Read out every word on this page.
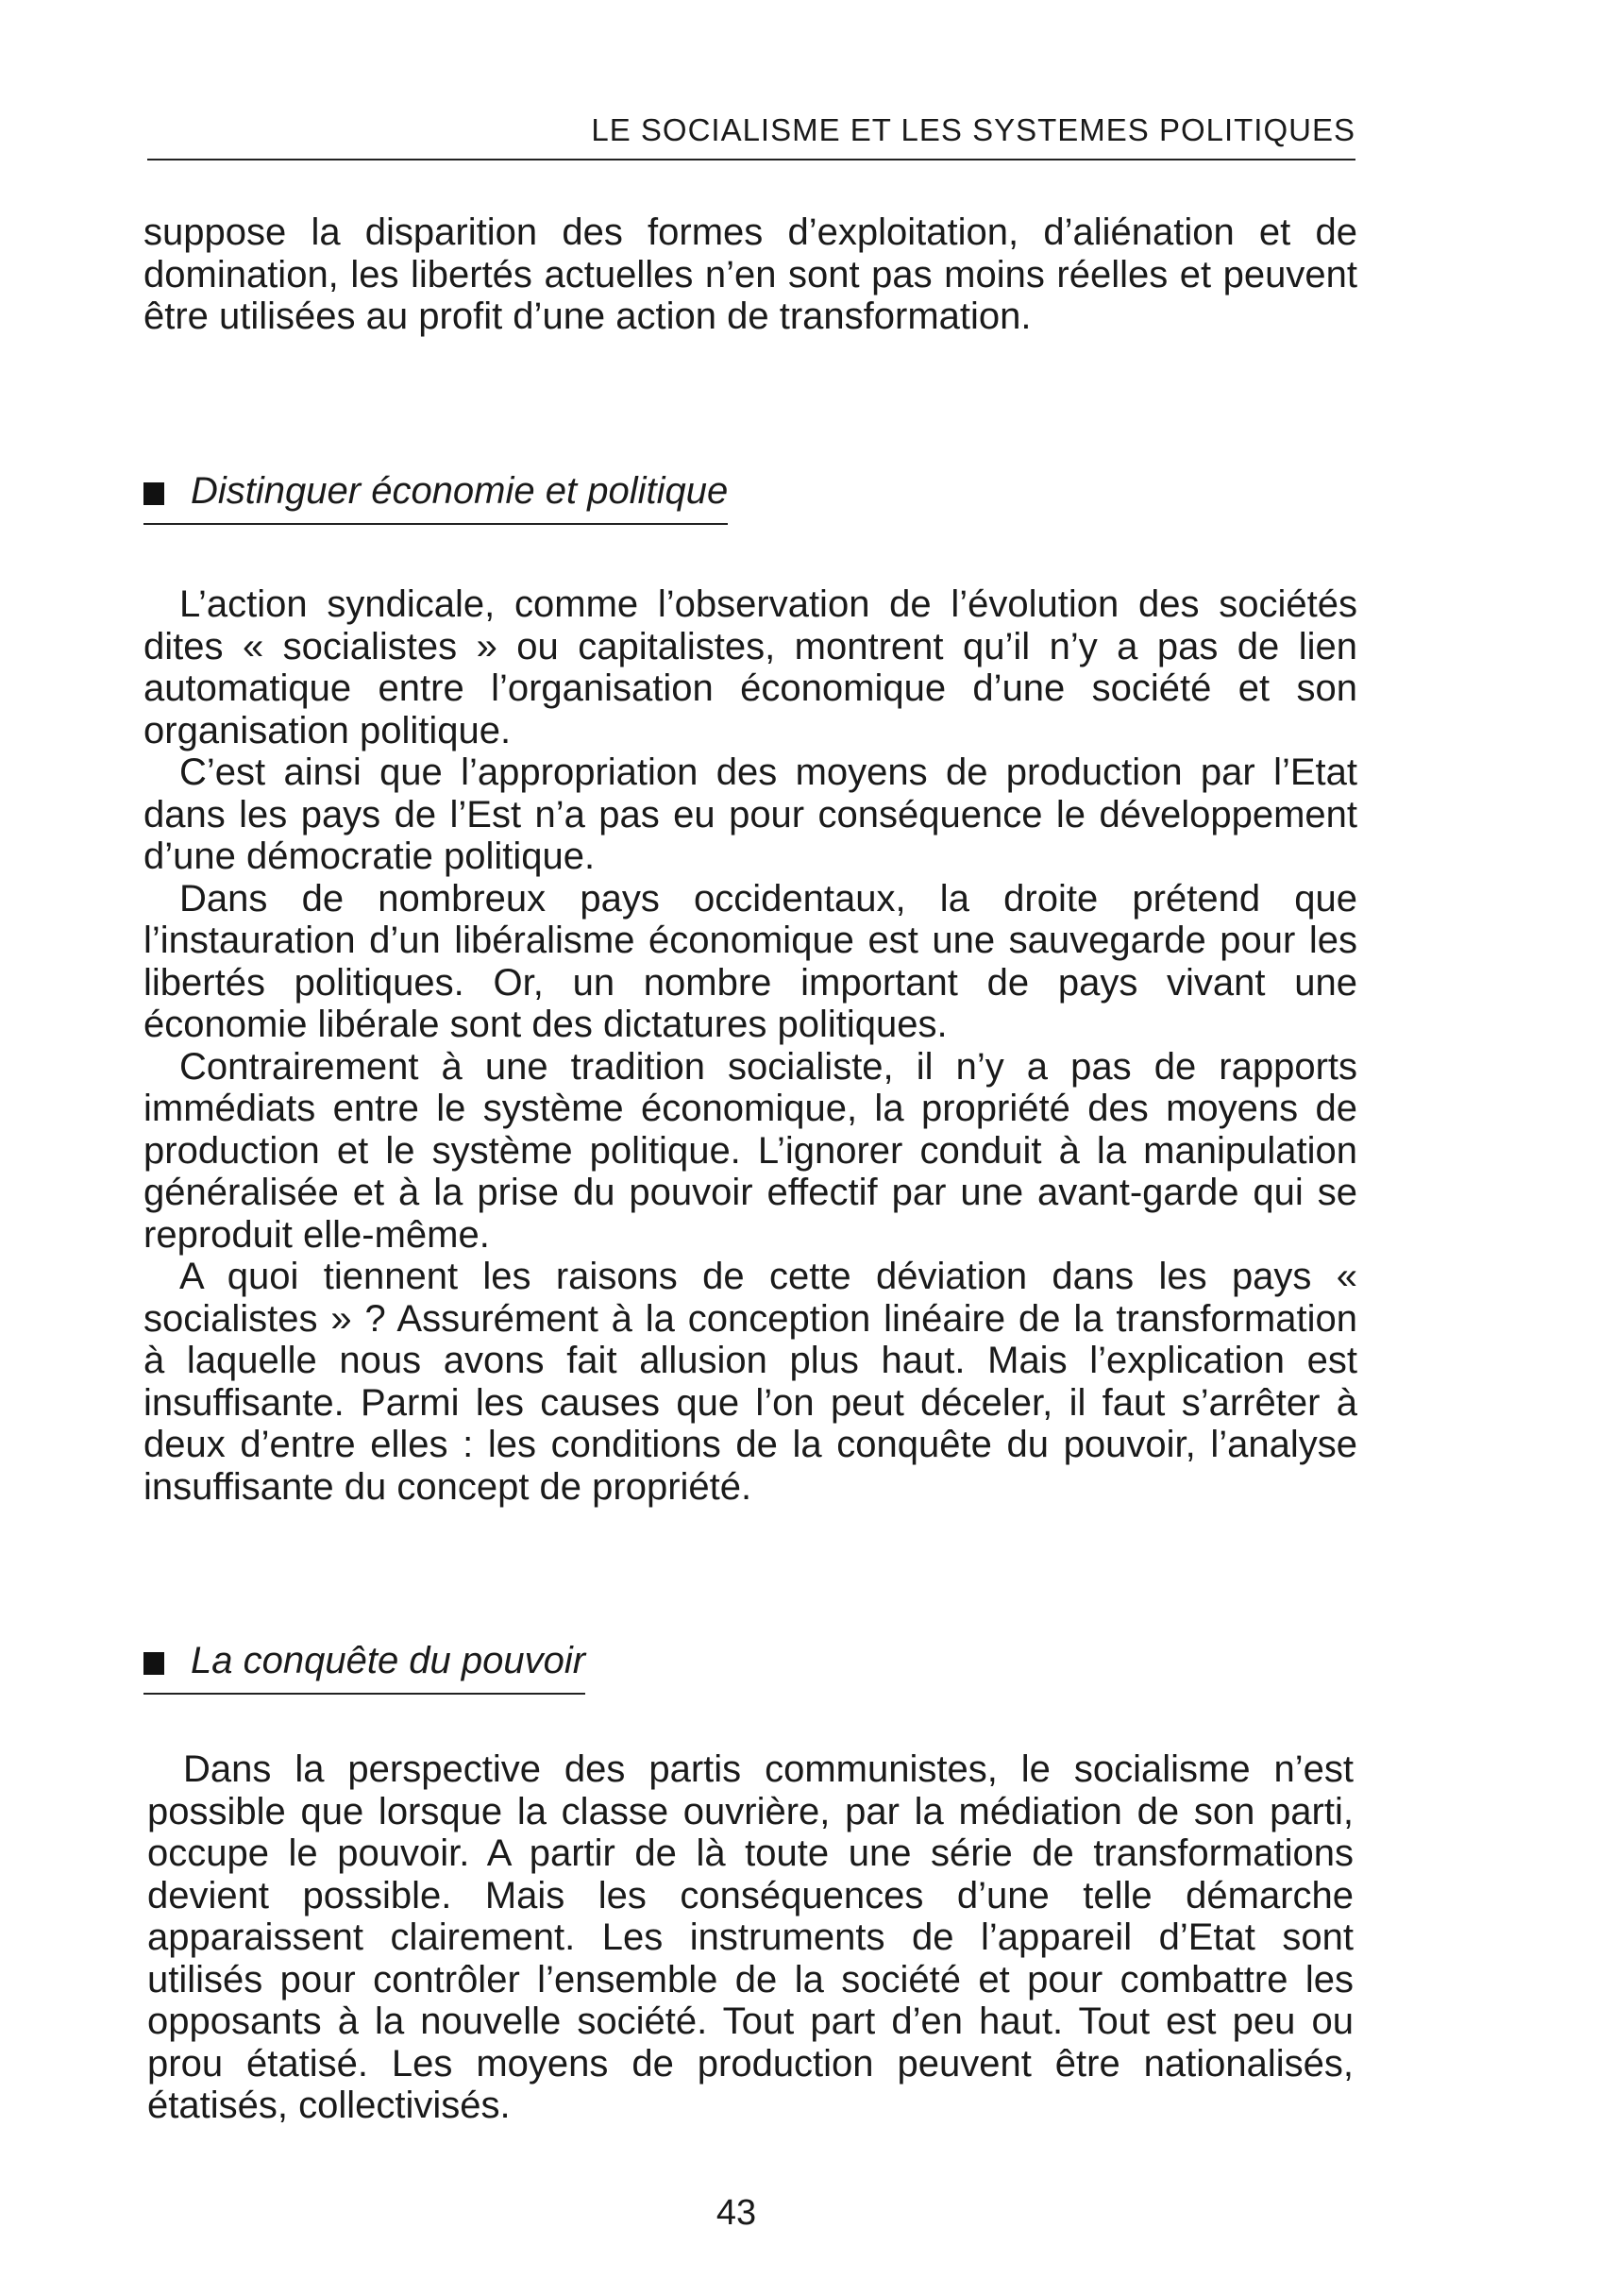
LE SOCIALISME ET LES SYSTEMES POLITIQUES

suppose la disparition des formes d’exploitation, d’aliénation et de domination, les libertés actuelles n’en sont pas moins réelles et peuvent être utilisées au profit d’une action de transformation.

Distinguer économie et politique

L’action syndicale, comme l’observation de l’évolution des sociétés dites « socialistes » ou capitalistes, montrent qu’il n’y a pas de lien automatique entre l’organisation économique d’une société et son organisation politique.

C’est ainsi que l’appropriation des moyens de production par l’Etat dans les pays de l’Est n’a pas eu pour conséquence le développement d’une démocratie politique.

Dans de nombreux pays occidentaux, la droite prétend que l’instauration d’un libéralisme économique est une sauvegarde pour les libertés politiques. Or, un nombre important de pays vivant une économie libérale sont des dictatures politiques.

Contrairement à une tradition socialiste, il n’y a pas de rapports immédiats entre le système économique, la propriété des moyens de production et le système politique. L’ignorer conduit à la manipulation généralisée et à la prise du pouvoir effectif par une avant-garde qui se reproduit elle-même.

A quoi tiennent les raisons de cette déviation dans les pays « socialistes » ? Assurément à la conception linéaire de la transformation à laquelle nous avons fait allusion plus haut. Mais l’explication est insuffisante. Parmi les causes que l’on peut déceler, il faut s’arrêter à deux d’entre elles : les conditions de la conquête du pouvoir, l’analyse insuffisante du concept de propriété.

La conquête du pouvoir

Dans la perspective des partis communistes, le socialisme n’est possible que lorsque la classe ouvrière, par la médiation de son parti, occupe le pouvoir. A partir de là toute une série de transformations devient possible. Mais les conséquences d’une telle démarche apparaissent clairement. Les instruments de l’appareil d’Etat sont utilisés pour contrôler l’ensemble de la société et pour combattre les opposants à la nouvelle société. Tout part d’en haut. Tout est peu ou prou étatisé. Les moyens de production peuvent être nationalisés, étatisés, collectivisés.

43
